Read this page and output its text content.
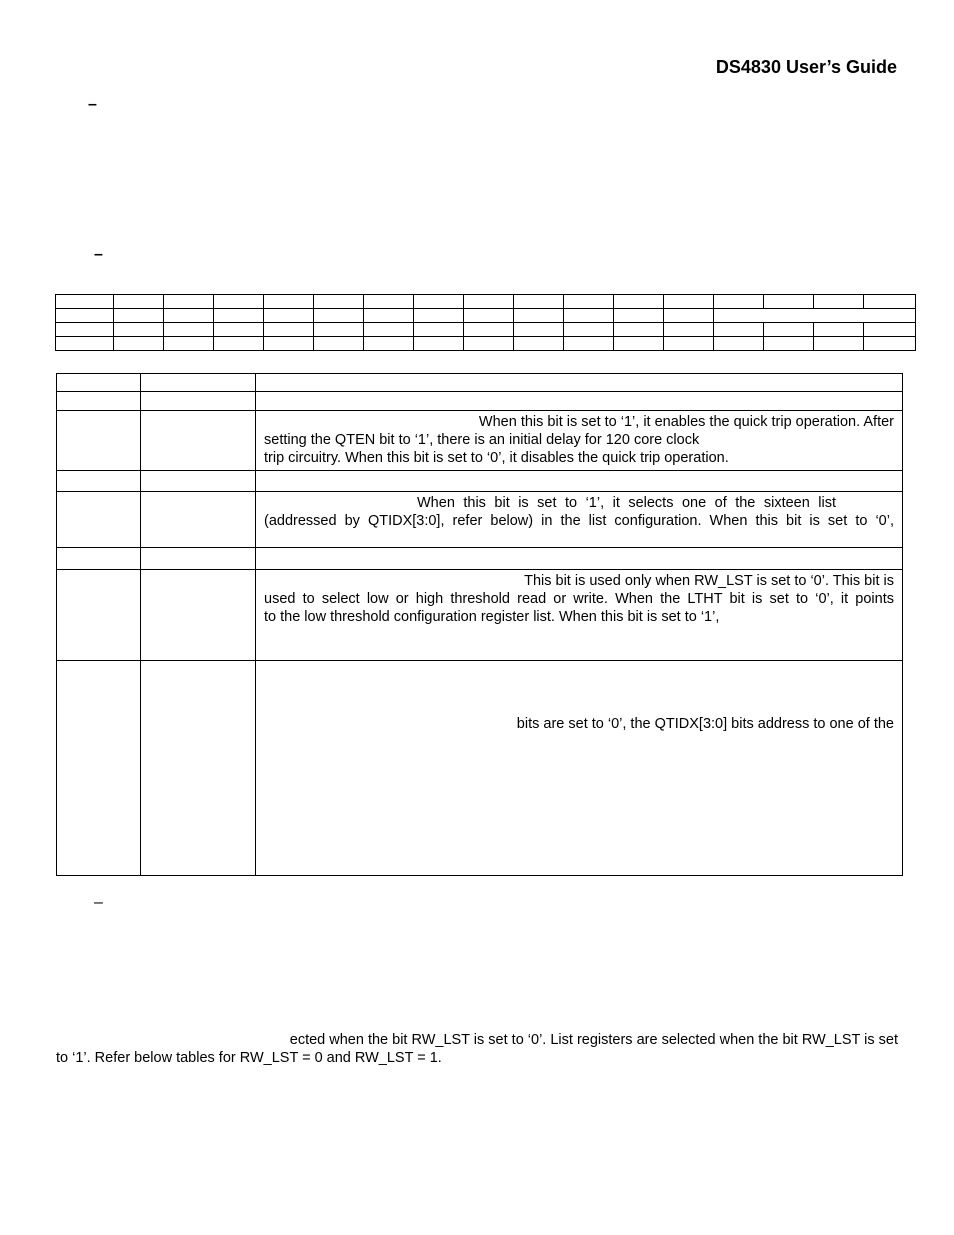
DS4830 User’s Guide
–
–

		When this bit is set to ‘1’, it enables the quick trip operation. After
setting the QTEN bit to ‘1’, there is an initial delay for 120 core clock
trip circuitry. When this bit is set to ‘0’, it disables the quick trip operation.

		When this bit is set to ‘1’, it selects one of the sixteen list
(addressed by QTIDX[3:0], refer below) in the list configuration. When this bit is set to ‘0’,

		This bit is used only when RW_LST is set to ‘0’. This bit is
used to select low or high threshold read or write. When the LTHT bit is set to ‘0’, it points
to the low threshold configuration register list. When this bit is set to ‘1’,

		bits are set to ‘0’, the QTIDX[3:0] bits address to one of the
–
ected when the bit RW_LST is set to ‘0’. List registers are selected when the bit RW_LST is set
to ‘1’. Refer below tables for RW_LST = 0 and RW_LST = 1.
